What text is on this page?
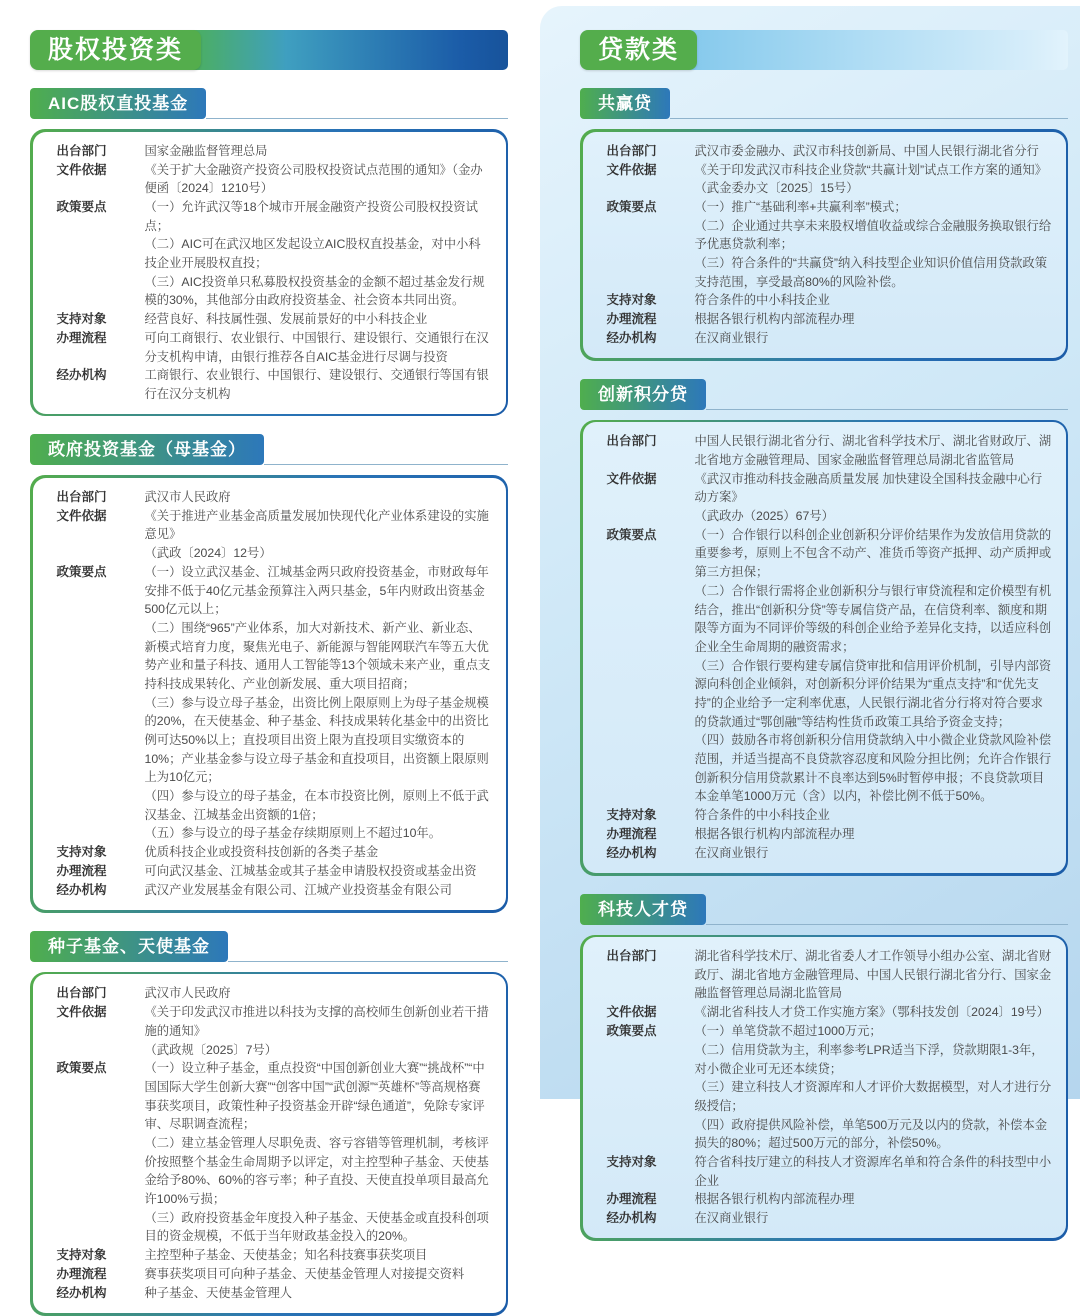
股权投资类
AIC股权直投基金
出台部门	国家金融监督管理总局
文件依据	《关于扩大金融资产投资公司股权投资试点范围的通知》（金办便函〔2024〕1210号）
政策要点	（一）允许武汉等18个城市开展金融资产投资公司股权投资试点；
（二）AIC可在武汉地区发起设立AIC股权直投基金，对中小科技企业开展股权直投；
（三）AIC投资单只私募股权投资基金的金额不超过基金发行规模的30%，其他部分由政府投资基金、社会资本共同出资。
支持对象	经营良好、科技属性强、发展前景好的中小科技企业
办理流程	可向工商银行、农业银行、中国银行、建设银行、交通银行在汉分支机构申请，由银行推荐各自AIC基金进行尽调与投资
经办机构	工商银行、农业银行、中国银行、建设银行、交通银行等国有银行在汉分支机构
政府投资基金（母基金）
出台部门	武汉市人民政府
文件依据	《关于推进产业基金高质量发展加快现代化产业体系建设的实施意见》
（武政〔2024〕12号）
政策要点	（一）设立武汉基金、江城基金两只政府投资基金，市财政每年安排不低于40亿元基金预算注入两只基金，5年内财政出资基金500亿元以上；
（二）围绕“965”产业体系，加大对新技术、新产业、新业态、新模式培育力度，聚焦光电子、新能源与智能网联汽车等五大优势产业和量子科技、通用人工智能等13个领域未来产业，重点支持科技成果转化、产业创新发展、重大项目招商；
（三）参与设立母子基金，出资比例上限原则上为母子基金规模的20%，在天使基金、种子基金、科技成果转化基金中的出资比例可达50%以上；直投项目出资上限为直投项目实缴资本的10%；产业基金参与设立母子基金和直投项目，出资额上限原则上为10亿元；
（四）参与设立的母子基金，在本市投资比例，原则上不低于武汉基金、江城基金出资额的1倍；
（五）参与设立的母子基金存续期原则上不超过10年。
支持对象	优质科技企业或投资科技创新的各类子基金
办理流程	可向武汉基金、江城基金或其子基金申请股权投资或基金出资
经办机构	武汉产业发展基金有限公司、江城产业投资基金有限公司
种子基金、天使基金
出台部门	武汉市人民政府
文件依据	《关于印发武汉市推进以科技为支撑的高校师生创新创业若干措施的通知》
（武政规〔2025〕7号）
政策要点	（一）设立种子基金，重点投资“中国创新创业大赛”“挑战杯”“中国国际大学生创新大赛”“创客中国”“武创源”“英雄杯”等高规格赛事获奖项目，政策性种子投资基金开辟“绿色通道”，免除专家评审、尽职调查流程；
（二）建立基金管理人尽职免责、容亏容错等管理机制，考核评价按照整个基金生命周期予以评定，对主控型种子基金、天使基金给予80%、60%的容亏率；种子直投、天使直投单项目最高允许100%亏损；
（三）政府投资基金年度投入种子基金、天使基金或直投科创项目的资金规模，不低于当年财政基金投入的20%。
支持对象	主控型种子基金、天使基金；知名科技赛事获奖项目
办理流程	赛事获奖项目可向种子基金、天使基金管理人对接提交资料
经办机构	种子基金、天使基金管理人
贷款类
共赢贷
出台部门	武汉市委金融办、武汉市科技创新局、中国人民银行湖北省分行
文件依据	《关于印发武汉市科技企业贷款“共赢计划”试点工作方案的通知》
（武金委办文〔2025〕15号）
政策要点	（一）推广“基础利率+共赢利率”模式；
（二）企业通过共享未来股权增值收益或综合金融服务换取银行给予优惠贷款利率；
（三）符合条件的“共赢贷”纳入科技型企业知识价值信用贷款政策支持范围，享受最高80%的风险补偿。
支持对象	符合条件的中小科技企业
办理流程	根据各银行机构内部流程办理
经办机构	在汉商业银行
创新积分贷
出台部门	中国人民银行湖北省分行、湖北省科学技术厅、湖北省财政厅、湖北省地方金融管理局、国家金融监督管理总局湖北省监管局
文件依据	《武汉市推动科技金融高质量发展 加快建设全国科技金融中心行动方案》
（武政办（2025）67号）
政策要点	（一）合作银行以科创企业创新积分评价结果作为发放信用贷款的重要参考，原则上不包含不动产、准货币等资产抵押、动产质押或第三方担保；
（二）合作银行需将企业创新积分与银行审贷流程和定价模型有机结合，推出“创新积分贷”等专属信贷产品，在信贷利率、额度和期限等方面为不同评价等级的科创企业给予差异化支持，以适应科创企业全生命周期的融资需求；
（三）合作银行要构建专属信贷审批和信用评价机制，引导内部资源向科创企业倾斜，对创新积分评价结果为“重点支持”和“优先支持”的企业给予一定利率优惠，人民银行湖北省分行将对符合要求的贷款通过“鄂创融”等结构性货币政策工具给予资金支持；
（四）鼓励各市将创新积分信用贷款纳入中小微企业贷款风险补偿范围，并适当提高不良贷款容忍度和风险分担比例；允许合作银行创新积分信用贷款累计不良率达到5%时暂停申报；不良贷款项目本金单笔1000万元（含）以内，补偿比例不低于50%。
支持对象	符合条件的中小科技企业
办理流程	根据各银行机构内部流程办理
经办机构	在汉商业银行
科技人才贷
出台部门	湖北省科学技术厅、湖北省委人才工作领导小组办公室、湖北省财政厅、湖北省地方金融管理局、中国人民银行湖北省分行、国家金融监督管理总局湖北监管局
文件依据	《湖北省科技人才贷工作实施方案》（鄂科技发创〔2024〕19号）
政策要点	（一）单笔贷款不超过1000万元；
（二）信用贷款为主，利率参考LPR适当下浮，贷款期限1-3年，对小微企业可无还本续贷；
（三）建立科技人才资源库和人才评价大数据模型，对人才进行分级授信；
（四）政府提供风险补偿，单笔500万元及以内的贷款，补偿本金损失的80%；超过500万元的部分，补偿50%。
支持对象	符合省科技厅建立的科技人才资源库名单和符合条件的科技型中小企业
办理流程	根据各银行机构内部流程办理
经办机构	在汉商业银行
